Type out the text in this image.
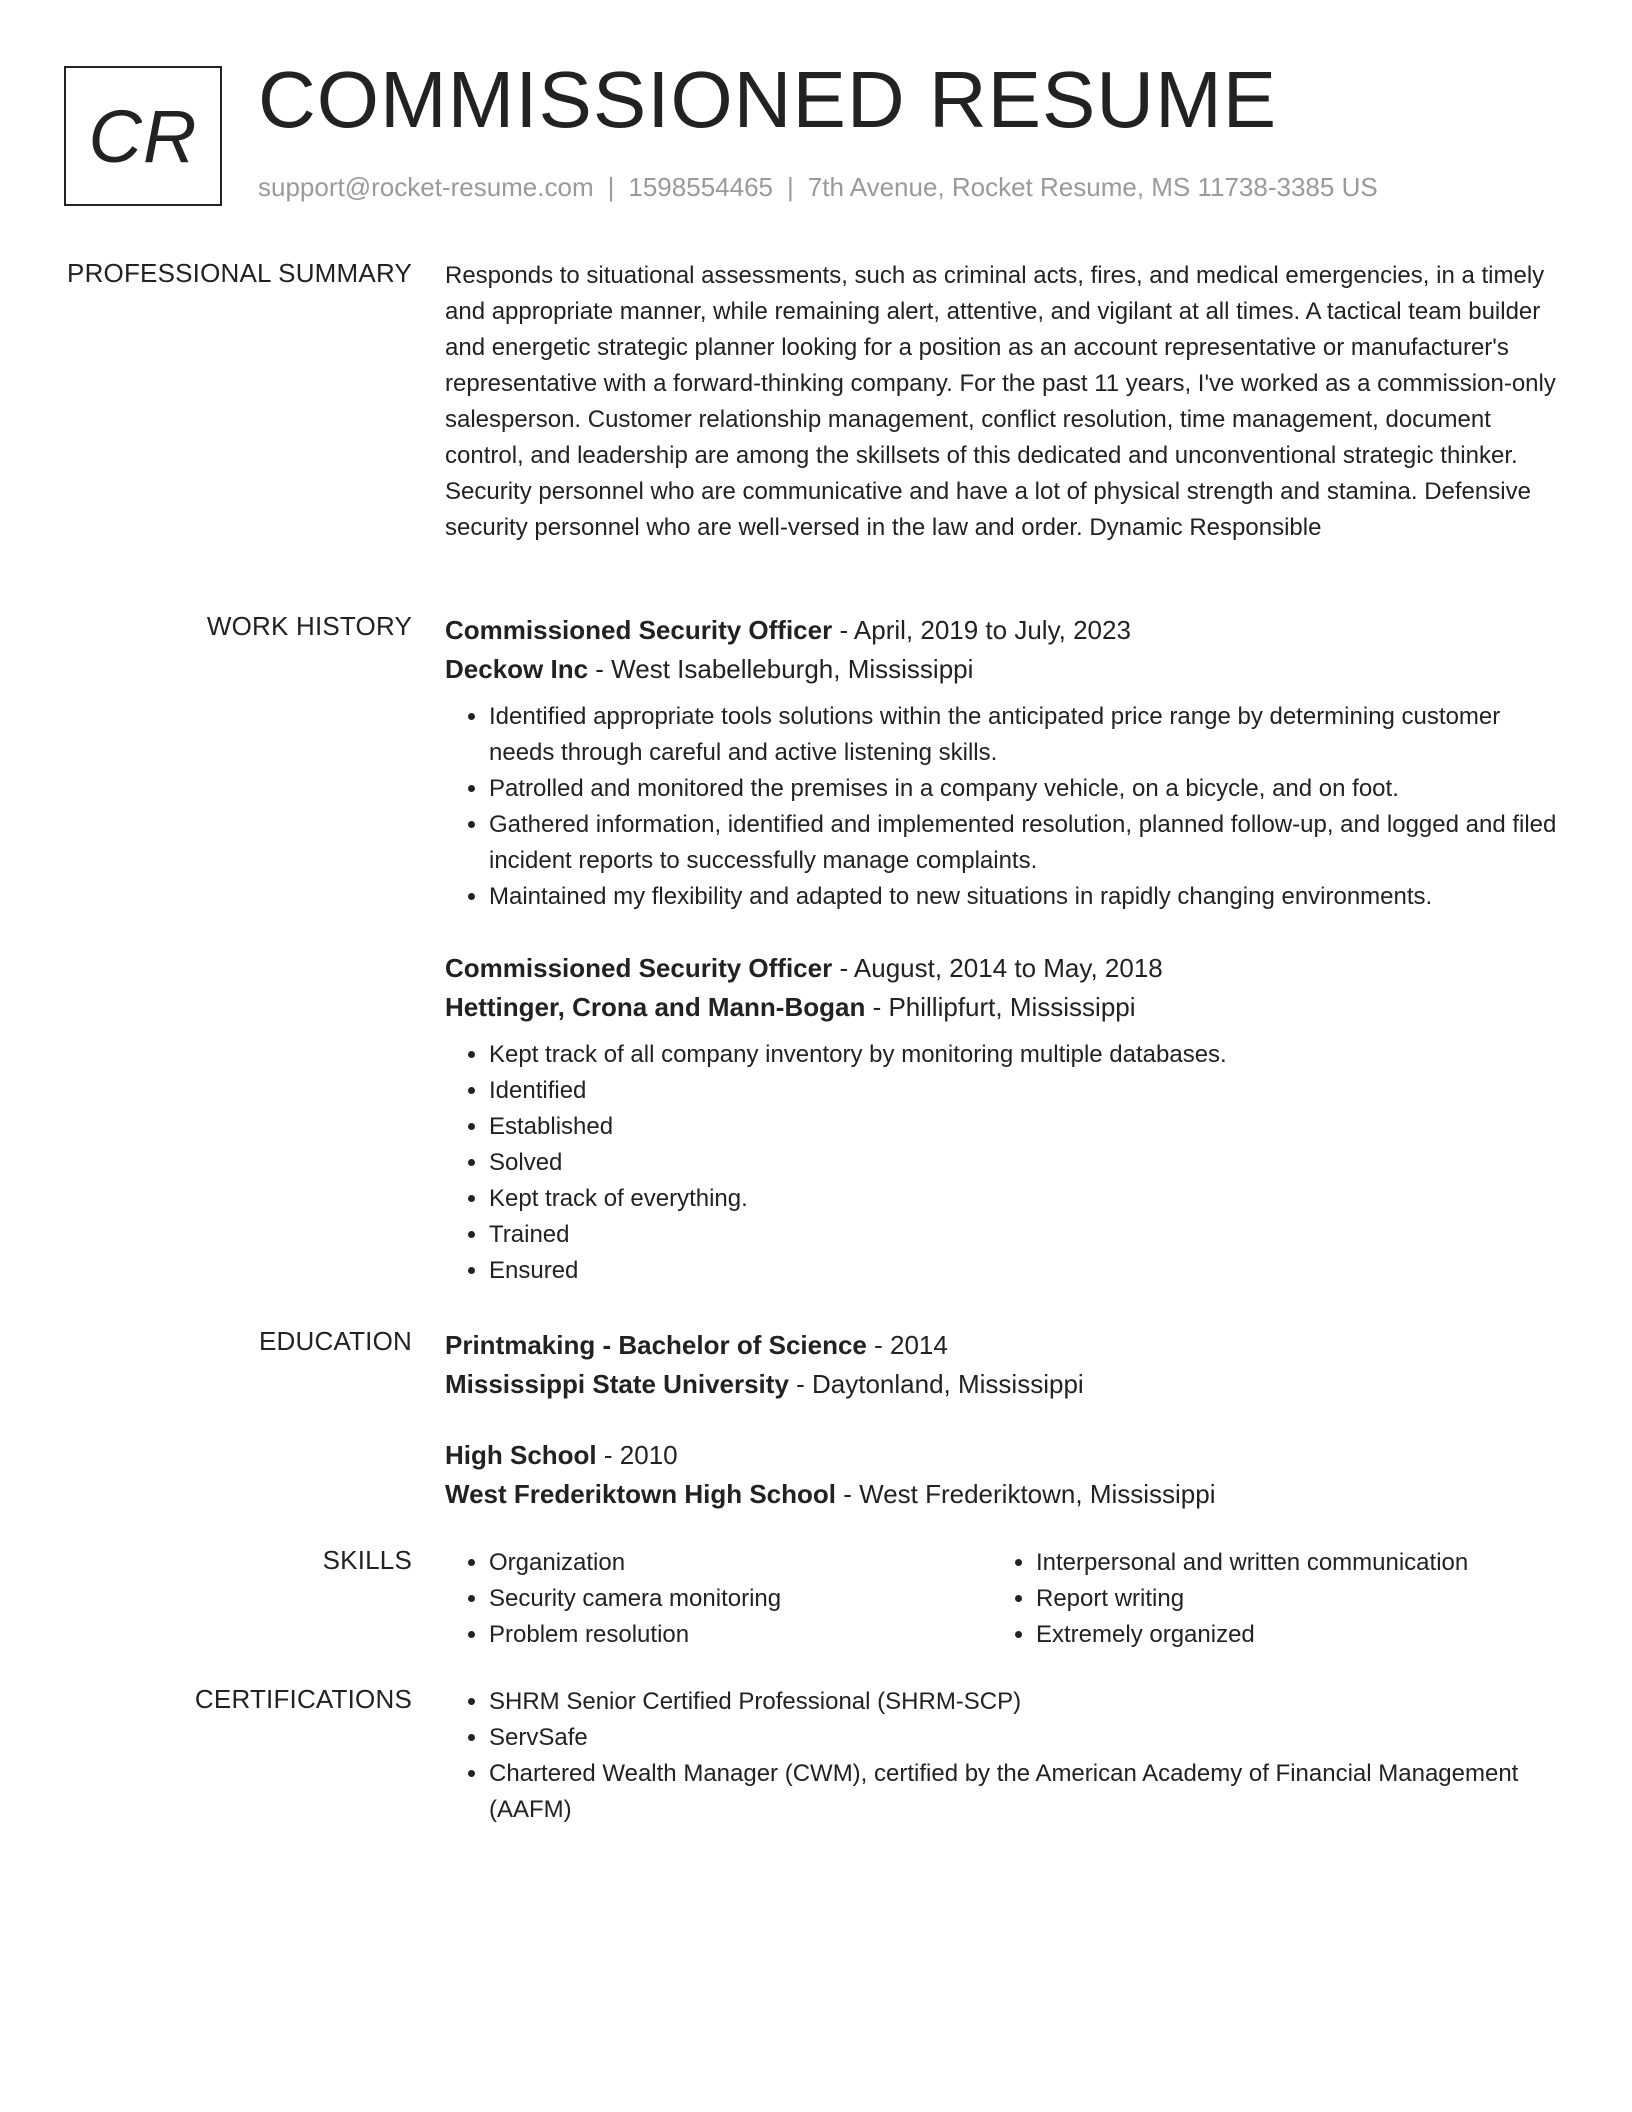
CR COMMISSIONED RESUME
support@rocket-resume.com | 1598554465 | 7th Avenue, Rocket Resume, MS 11738-3385 US
PROFESSIONAL SUMMARY Responds to situational assessments, such as criminal acts, fires, and medical emergencies, in a timely and appropriate manner, while remaining alert, attentive, and vigilant at all times. A tactical team builder and energetic strategic planner looking for a position as an account representative or manufacturer's representative with a forward-thinking company. For the past 11 years, I've worked as a commission-only salesperson. Customer relationship management, conflict resolution, time management, document control, and leadership are among the skillsets of this dedicated and unconventional strategic thinker. Security personnel who are communicative and have a lot of physical strength and stamina. Defensive security personnel who are well-versed in the law and order. Dynamic Responsible

WORK HISTORY Commissioned Security Officer - April, 2019 to July, 2023
Deckow Inc - West Isabelleburgh, Mississippi
• Identified appropriate tools solutions within the anticipated price range by determining customer needs through careful and active listening skills.
• Patrolled and monitored the premises in a company vehicle, on a bicycle, and on foot.
• Gathered information, identified and implemented resolution, planned follow-up, and logged and filed incident reports to successfully manage complaints.
• Maintained my flexibility and adapted to new situations in rapidly changing environments.
Commissioned Security Officer - August, 2014 to May, 2018
Hettinger, Crona and Mann-Bogan - Phillipfurt, Mississippi
• Kept track of all company inventory by monitoring multiple databases.
• Identified
• Established
• Solved
• Kept track of everything.
• Trained
• Ensured
EDUCATION Printmaking - Bachelor of Science - 2014
Mississippi State University - Daytonland, Mississippi
High School - 2010
West Frederiktown High School - West Frederiktown, Mississippi
SKILLS	• Organization
• Security camera monitoring
• Problem resolution
• Interpersonal and written communication
• Report writing
• Extremely organized
CERTIFICATIONS	• SHRM Senior Certified Professional (SHRM-SCP)
• ServSafe
• Chartered Wealth Manager (CWM), certified by the American Academy of Financial Management (AAFM)
